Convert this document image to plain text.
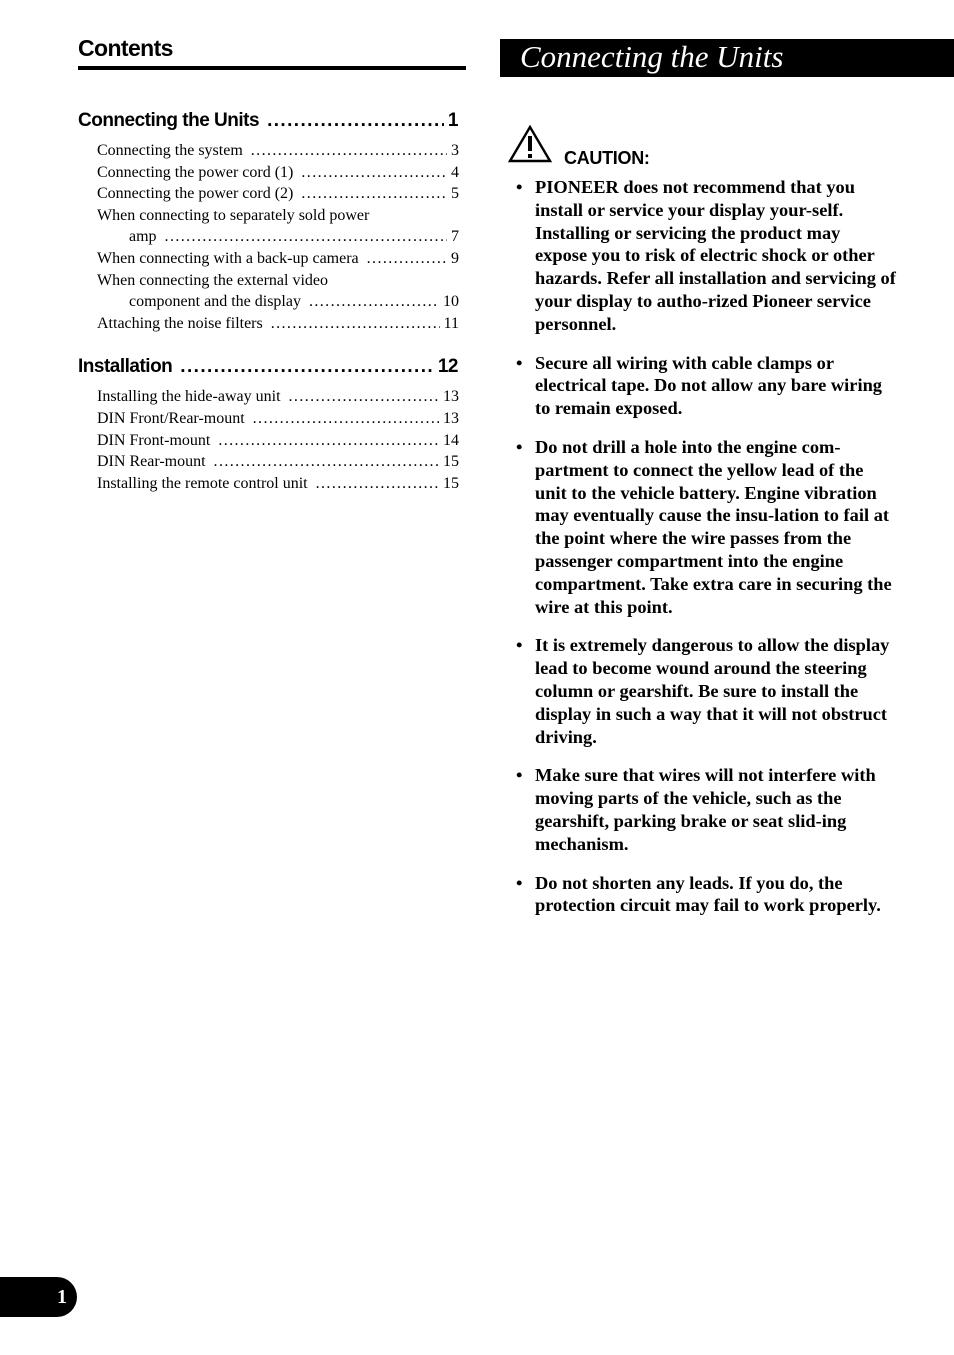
Contents
Connecting the Units .....	1
Connecting the system .....	3
Connecting the power cord (1) .....	4
Connecting the power cord (2) .....	5
When connecting to separately sold power
amp .....	7
When connecting with a back-up camera .....	9
When connecting the external video
component and the display .....	10
Attaching the noise filters .....	11
Installation .....	12
Installing the hide-away unit .....	13
DIN Front/Rear-mount .....	13
DIN Front-mount .....	14
DIN Rear-mount .....	15
Installing the remote control unit .....	15
Connecting the Units
CAUTION:
• PIONEER does not recommend that you install or service your display your-self. Installing or servicing the product may expose you to risk of electric shock or other hazards. Refer all installation and servicing of your display to autho-rized Pioneer service personnel.
• Secure all wiring with cable clamps or electrical tape. Do not allow any bare wiring to remain exposed.
• Do not drill a hole into the engine com-partment to connect the yellow lead of the unit to the vehicle battery. Engine vibration may eventually cause the insu-lation to fail at the point where the wire passes from the passenger compartment into the engine compartment. Take extra care in securing the wire at this point.
• It is extremely dangerous to allow the display lead to become wound around the steering column or gearshift. Be sure to install the display in such a way that it will not obstruct driving.
• Make sure that wires will not interfere with moving parts of the vehicle, such as the gearshift, parking brake or seat slid-ing mechanism.
• Do not shorten any leads. If you do, the protection circuit may fail to work properly.
1
